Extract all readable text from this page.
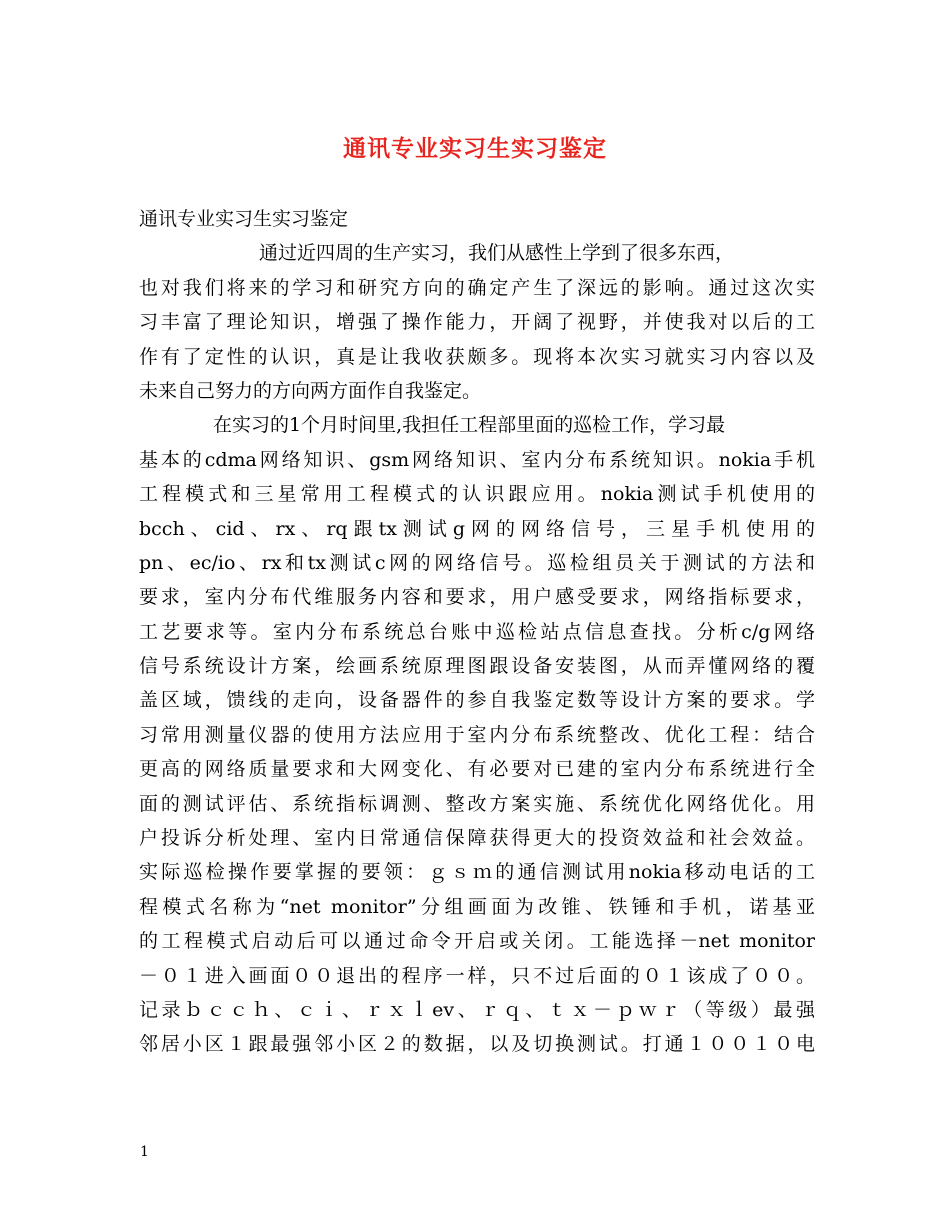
通讯专业实习生实习鉴定
通讯专业实习生实习鉴定
通过近四周的生产实习，我们从感性上学到了很多东西，
也对我们将来的学习和研究方向的确定产生了深远的影响。通过这次实
习丰富了理论知识，增强了操作能力，开阔了视野，并使我对以后的工
作有了定性的认识，真是让我收获颇多。现将本次实习就实习内容以及
未来自己努力的方向两方面作自我鉴定。
在实习的1个月时间里,我担任工程部里面的巡检工作，学习最
基本的cdma网络知识、gsm网络知识、室内分布系统知识。nokia手机
工程模式和三星常用工程模式的认识跟应用。nokia测试手机使用的
bcch、cid、rx、rq跟tx测试g网的网络信号，三星手机使用的
pn、ec/io、rx和tx测试c网的网络信号。巡检组员关于测试的方法和
要求，室内分布代维服务内容和要求，用户感受要求，网络指标要求，
工艺要求等。室内分布系统总台账中巡检站点信息查找。分析c/g网络
信号系统设计方案，绘画系统原理图跟设备安装图，从而弄懂网络的覆
盖区域，馈线的走向，设备器件的参自我鉴定数等设计方案的要求。学
习常用测量仪器的使用方法应用于室内分布系统整改、优化工程：结合
更高的网络质量要求和大网变化、有必要对已建的室内分布系统进行全
面的测试评估、系统指标调测、整改方案实施、系统优化网络优化。用
户投诉分析处理、室内日常通信保障获得更大的投资效益和社会效益。
实际巡检操作要掌握的要领：ｇｓｍ的通信测试用nokia移动电话的工
程模式名称为“net monitor”分组画面为改锥、铁锤和手机，诺基亚
的工程模式启动后可以通过命令开启或关闭。工能选择－net monitor
－０１进入画面００退出的程序一样，只不过后面的０１该成了００。
记录ｂｃｃｈ、ｃｉ、ｒｘｌev、ｒｑ、ｔｘ－ｐｗｒ（等级）最强
邻居小区１跟最强邻小区２的数据，以及切换测试。打通１００１０电
1
